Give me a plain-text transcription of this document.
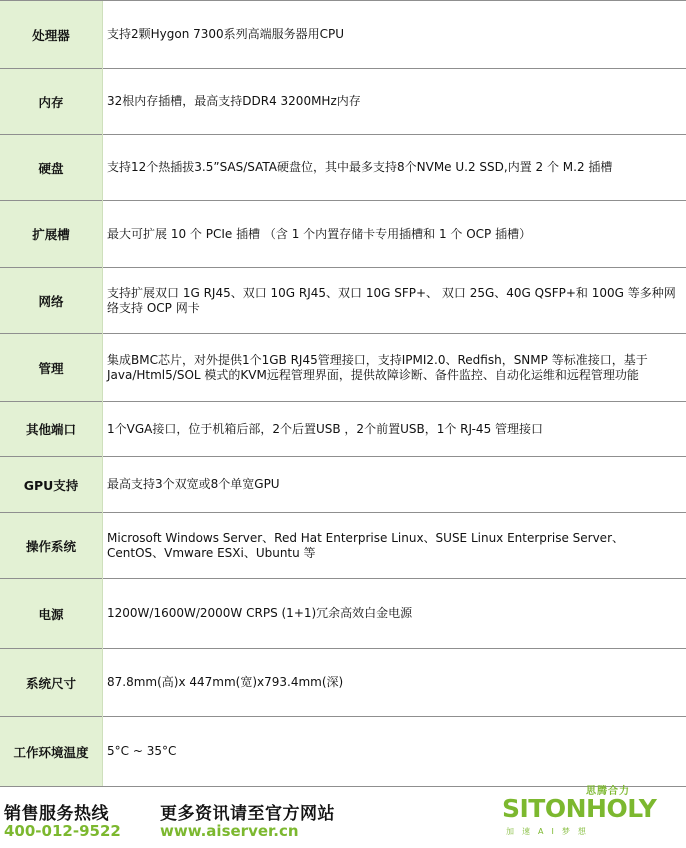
处理器	支持2颗Hygon 7300系列高端服务器用CPU
内存	32根内存插槽，最高支持DDR4 3200MHz内存
硬盘	支持12个热插拔3.5”SAS/SATA硬盘位，其中最多支持8个NVMe U.2 SSD,内置 2 个 M.2 插槽
扩展槽	最大可扩展 10 个 PCIe 插槽 （含 1 个内置存储卡专用插槽和 1 个 OCP 插槽）
网络	支持扩展双口 1G RJ45、双口 10G RJ45、双口 10G SFP+、 双口 25G、40G QSFP+和 100G 等多种网络支持 OCP 网卡
管理	集成BMC芯片，对外提供1个1GB RJ45管理接口，支持IPMI2.0、Redfish，SNMP 等标准接口，基于Java/Html5/SOL 模式的KVM远程管理界面，提供故障诊断、备件监控、自动化运维和远程管理功能
其他端口	1个VGA接口，位于机箱后部，2个后置USB ，2个前置USB，1个 RJ-45 管理接口
GPU支持	最高支持3个双宽或8个单宽GPU
操作系统	Microsoft Windows Server、Red Hat Enterprise Linux、SUSE Linux Enterprise Server、CentOS、Vmware ESXi、Ubuntu 等
电源	1200W/1600W/2000W CRPS (1+1)冗余高效白金电源
系统尺寸	87.8mm(高)x 447mm(宽)x793.4mm(深)
工作环境温度	5°C ~ 35°C
销售服务热线
400-012-9522
更多资讯请至官方网站
www.aiserver.cn
思腾合力
SITONHOLY
加速AI梦想
